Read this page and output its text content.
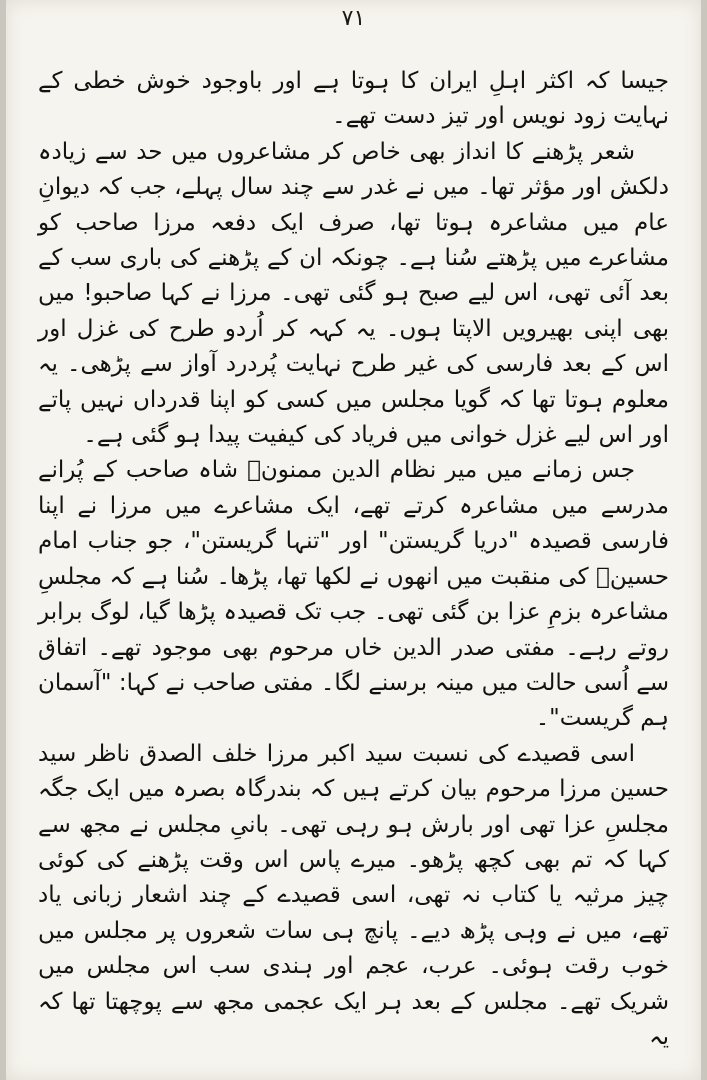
۷۱

جیسا کہ اکثر اہلِ ایران کا ہوتا ہے اور باوجود خوش خطی کے نہایت زود نویس اور تیز دست تھے۔

شعر پڑھنے کا انداز بھی خاص کر مشاعروں میں حد سے زیادہ دلکش اور مؤثر تھا۔ میں نے غدر سے چند سال پہلے، جب کہ دیوانِ عام میں مشاعرہ ہوتا تھا، صرف ایک دفعہ مرزا صاحب کو مشاعرے میں پڑھتے سُنا ہے۔ چونکہ ان کے پڑھنے کی باری سب کے بعد آئی تھی، اس لیے صبح ہو گئی تھی۔ مرزا نے کہا صاحبو! میں بھی اپنی بھیرویں الاپتا ہوں۔ یہ کہہ کر اُردو طرح کی غزل اور اس کے بعد فارسی کی غیر طرح نہایت پُردرد آواز سے پڑھی۔ یہ معلوم ہوتا تھا کہ گویا مجلس میں کسی کو اپنا قدرداں نہیں پاتے اور اس لیے غزل خوانی میں فریاد کی کیفیت پیدا ہو گئی ہے۔

جس زمانے میں میر نظام الدین ممنونؔ شاہ صاحب کے پُرانے مدرسے میں مشاعرہ کرتے تھے، ایک مشاعرے میں مرزا نے اپنا فارسی قصیدہ "دریا گریستن" اور "تنہا گریستن"، جو جناب امام حسینؑ کی منقبت میں انھوں نے لکھا تھا، پڑھا۔ سُنا ہے کہ مجلسِ مشاعرہ بزمِ عزا بن گئی تھی۔ جب تک قصیدہ پڑھا گیا، لوگ برابر روتے رہے۔ مفتی صدر الدین خاں مرحوم بھی موجود تھے۔ اتفاق سے اُسی حالت میں مینہ برسنے لگا۔ مفتی صاحب نے کہا: "آسمان ہم گریست"۔

اسی قصیدے کی نسبت سید اکبر مرزا خلف الصدق ناظر سید حسین مرزا مرحوم بیان کرتے ہیں کہ بندرگاہ بصرہ میں ایک جگہ مجلسِ عزا تھی اور بارش ہو رہی تھی۔ بانیِ مجلس نے مجھ سے کہا کہ تم بھی کچھ پڑھو۔ میرے پاس اس وقت پڑھنے کی کوئی چیز مرثیہ یا کتاب نہ تھی، اسی قصیدے کے چند اشعار زبانی یاد تھے، میں نے وہی پڑھ دیے۔ پانچ ہی سات شعروں پر مجلس میں خوب رقت ہوئی۔ عرب، عجم اور ہندی سب اس مجلس میں شریک تھے۔ مجلس کے بعد ہر ایک عجمی مجھ سے پوچھتا تھا کہ یہ
